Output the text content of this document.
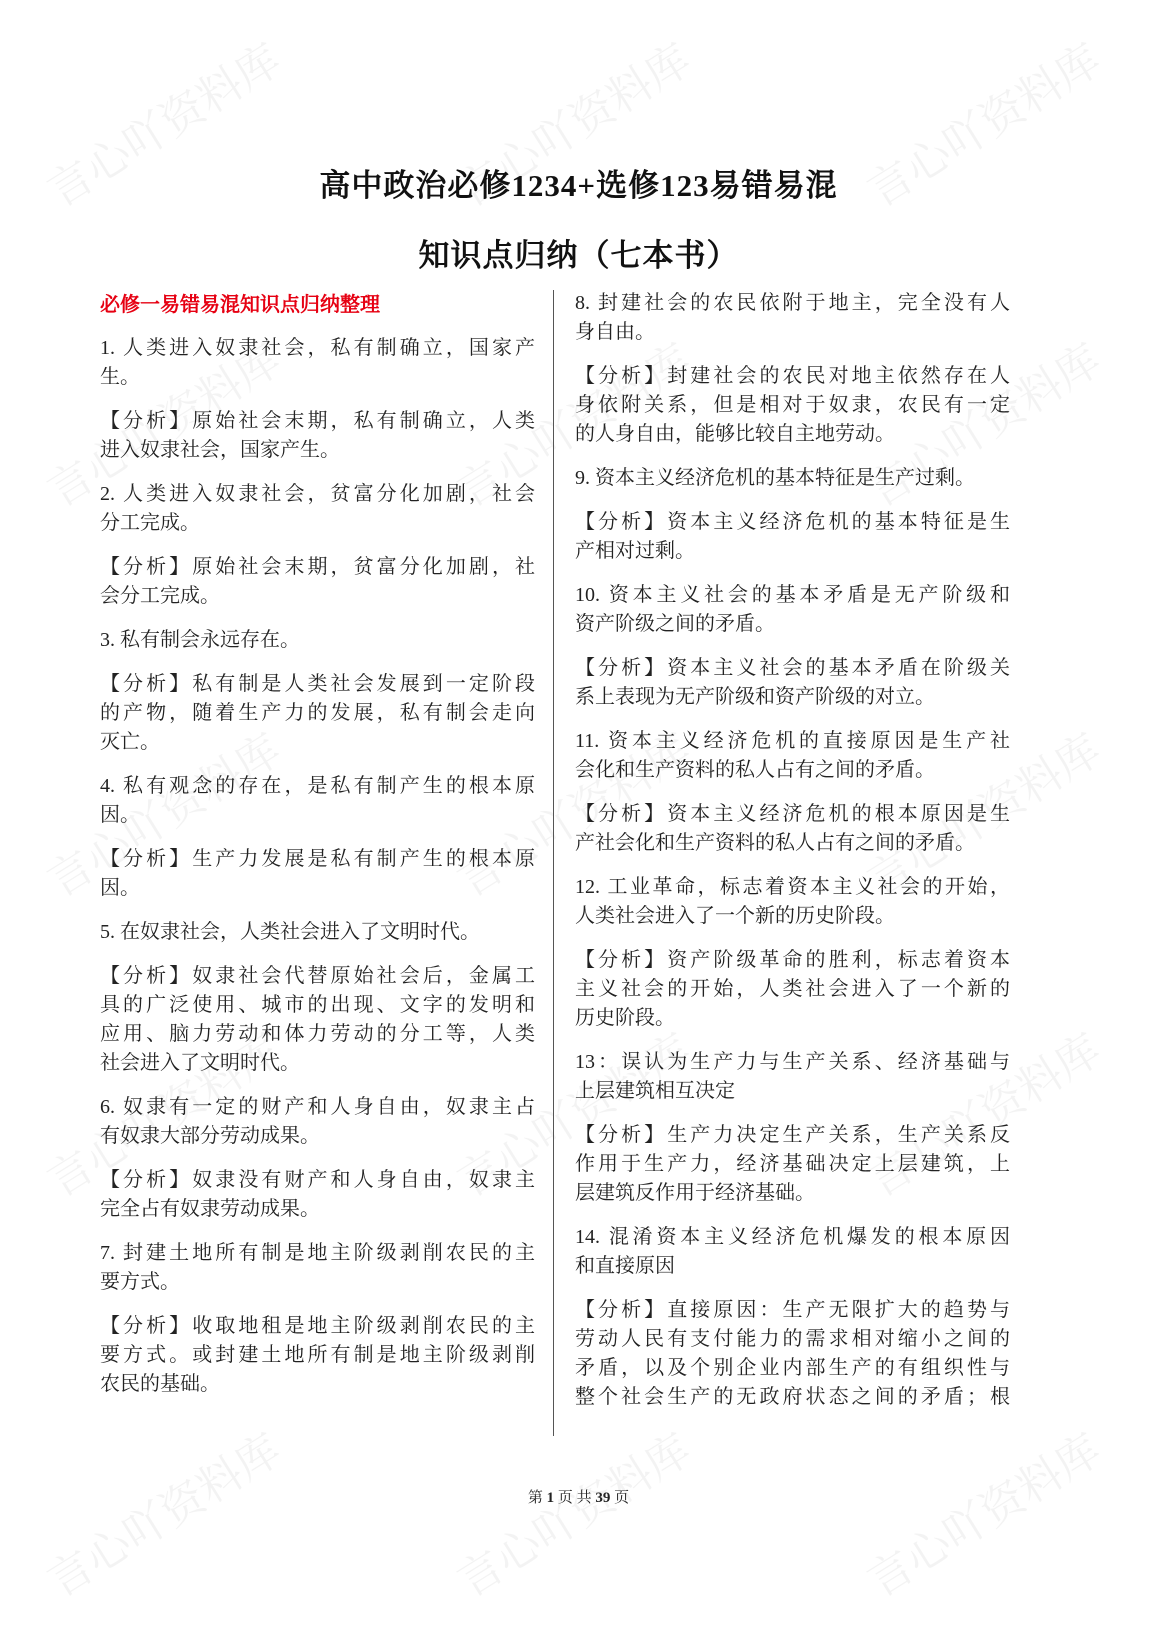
高中政治必修1234+选修123易错易混
知识点归纳（七本书）
必修一易错易混知识点归纳整理
1. 人类进入奴隶社会，私有制确立，国家产
生。
【分析】原始社会末期，私有制确立，人类
进入奴隶社会，国家产生。
2. 人类进入奴隶社会，贫富分化加剧，社会
分工完成。
【分析】原始社会末期，贫富分化加剧，社
会分工完成。
3. 私有制会永远存在。
【分析】私有制是人类社会发展到一定阶段
的产物，随着生产力的发展，私有制会走向
灭亡。
4. 私有观念的存在，是私有制产生的根本原
因。
【分析】生产力发展是私有制产生的根本原
因。
5. 在奴隶社会，人类社会进入了文明时代。
【分析】奴隶社会代替原始社会后，金属工
具的广泛使用、城市的出现、文字的发明和
应用、脑力劳动和体力劳动的分工等，人类
社会进入了文明时代。
6. 奴隶有一定的财产和人身自由，奴隶主占
有奴隶大部分劳动成果。
【分析】奴隶没有财产和人身自由，奴隶主
完全占有奴隶劳动成果。
7. 封建土地所有制是地主阶级剥削农民的主
要方式。
【分析】收取地租是地主阶级剥削农民的主
要方式。或封建土地所有制是地主阶级剥削
农民的基础。
8. 封建社会的农民依附于地主，完全没有人
身自由。
【分析】封建社会的农民对地主依然存在人
身依附关系，但是相对于奴隶，农民有一定
的人身自由，能够比较自主地劳动。
9. 资本主义经济危机的基本特征是生产过剩。
【分析】资本主义经济危机的基本特征是生
产相对过剩。
10. 资本主义社会的基本矛盾是无产阶级和
资产阶级之间的矛盾。
【分析】资本主义社会的基本矛盾在阶级关
系上表现为无产阶级和资产阶级的对立。
11. 资本主义经济危机的直接原因是生产社
会化和生产资料的私人占有之间的矛盾。
【分析】资本主义经济危机的根本原因是生
产社会化和生产资料的私人占有之间的矛盾。
12. 工业革命，标志着资本主义社会的开始，
人类社会进入了一个新的历史阶段。
【分析】资产阶级革命的胜利，标志着资本
主义社会的开始，人类社会进入了一个新的
历史阶段。
13：误认为生产力与生产关系、经济基础与
上层建筑相互决定
【分析】生产力决定生产关系，生产关系反
作用于生产力，经济基础决定上层建筑，上
层建筑反作用于经济基础。
14. 混淆资本主义经济危机爆发的根本原因
和直接原因
【分析】直接原因：生产无限扩大的趋势与
劳动人民有支付能力的需求相对缩小之间的
矛盾，以及个别企业内部生产的有组织性与
整个社会生产的无政府状态之间的矛盾；根
第 1 页 共 39 页
